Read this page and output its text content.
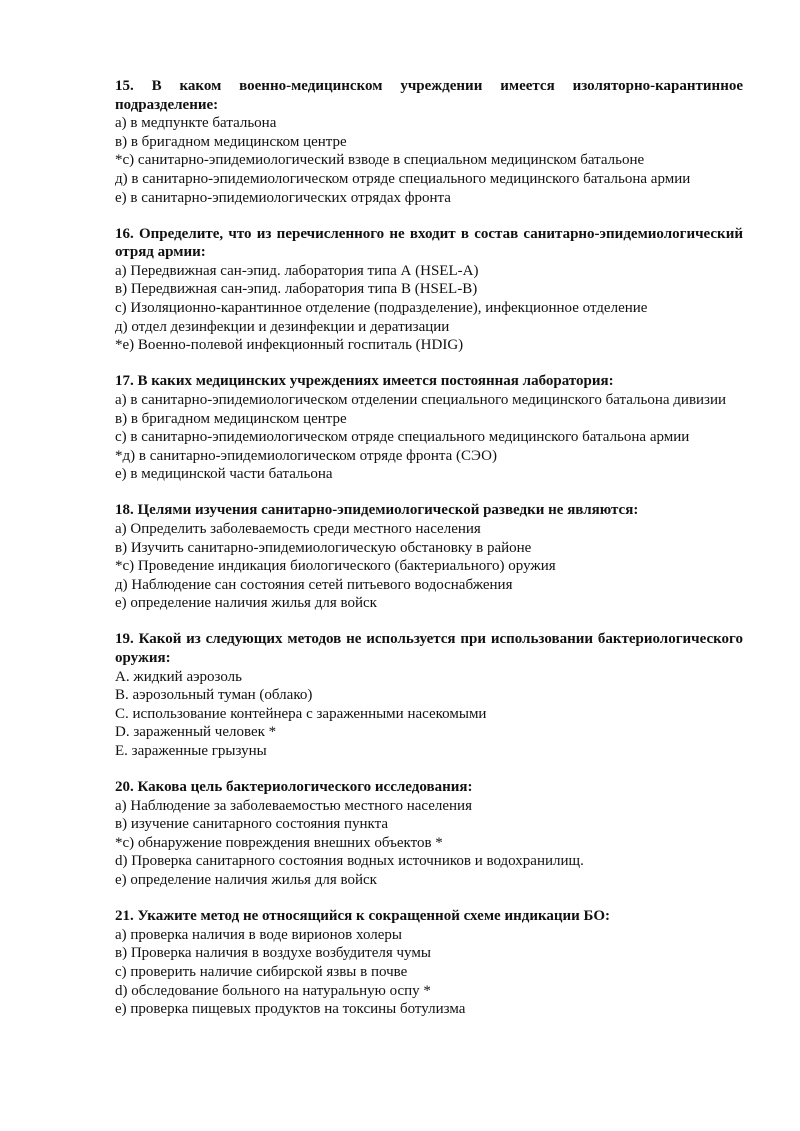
15. В каком военно-медицинском учреждении имеется изоляторно-карантинное подразделение:

а) в медпункте батальона
в) в бригадном медицинском центре
*с) санитарно-эпидемиологический взводе в специальном медицинском батальоне
д) в санитарно-эпидемиологическом отряде специального медицинского батальона армии
е) в санитарно-эпидемиологических отрядах фронта

16. Определите, что из перечисленного не входит в состав санитарно-эпидемиологический отряд армии:

а) Передвижная сан-эпид. лаборатория типа А (HSEL-A)
в) Передвижная сан-эпид. лаборатория типа В (HSEL-B)
с) Изоляционно-карантинное отделение (подразделение), инфекционное отделение
д) отдел дезинфекции и дезинфекции и дератизации
*е) Военно-полевой инфекционный госпиталь (HDIG)

17. В каких медицинских учреждениях имеется постоянная лаборатория:

а) в санитарно-эпидемиологическом отделении специального медицинского батальона дивизии
в) в бригадном медицинском центре
с) в санитарно-эпидемиологическом отряде специального медицинского батальона армии
*д) в санитарно-эпидемиологическом отряде фронта (СЭО)
е) в медицинской части батальона

18. Целями изучения санитарно-эпидемиологической разведки не являются:

а) Определить заболеваемость среди местного населения
в) Изучить санитарно-эпидемиологическую обстановку в районе
*с) Проведение индикация биологического (бактериального) оружия
д) Наблюдение сан состояния сетей питьевого водоснабжения
е) определение наличия жилья для войск

19. Какой из следующих методов не используется при использовании бактериологического оружия:

A. жидкий аэрозоль
B. аэрозольный туман (облако)
C. использование контейнера с зараженными насекомыми
D. зараженный человек *
E. зараженные грызуны

20. Какова цель бактериологического исследования:

а) Наблюдение за заболеваемостью местного населения
в) изучение санитарного состояния пункта
*с) обнаружение повреждения внешних объектов *
d) Проверка санитарного состояния водных источников и водохранилищ.
е) определение наличия жилья для войск

21. Укажите метод не относящийся к сокращенной схеме индикации БО:

а) проверка наличия в воде вирионов холеры
в) Проверка наличия в воздухе возбудителя чумы
с) проверить наличие сибирской язвы в почве
d) обследование больного на натуральную оспу *
е) проверка пищевых продуктов на токсины ботулизма
